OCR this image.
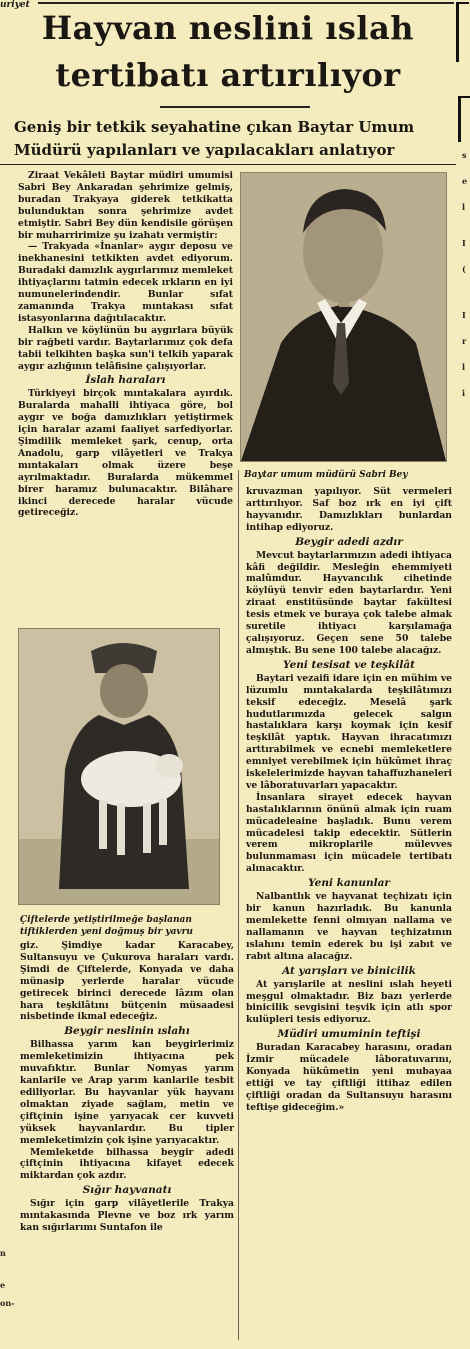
uriyet
Hayvan neslini ıslah
tertibatı artırılıyor
Geniş bir tetkik seyahatine çıkan Baytar Umum
Müdürü yapılanları ve yapılacakları anlatıyor

Ziraat Vekâleti Baytar müdiri umumisi Sabri Bey Ankaradan şehrimize gelmiş, buradan Trakyaya giderek tetkikatta bulunduktan sonra şehrimize avdet etmiştir. Sabri Bey dün kendisile görüşen bir muharririmize şu izahatı vermiştir:

— Trakyada «İnanlar» aygır deposu ve inekhanesini tetkikten avdet ediyorum. Buradaki damızlık aygırlarımız memleket ihtiyaçlarını tatmin edecek ırkların en iyi numunelerindendir. Bunlar sıfat zamanında Trakya mıntakası sıfat istasyonlarına dağıtılacaktır.

Halkın ve köylünün bu aygırlara büyük bir rağbeti vardır. Baytarlarımız çok defa tabii telkihten başka sun'i telkih yaparak aygır azlığının telâfisine çalışıyorlar.

İslah haraları

Türkiyeyi birçok mıntakalara ayırdık. Buralarda mahalli ihtiyaca göre, bol aygır ve boğa damızlıkları yetiştirmek için haralar azami faaliyet sarfediyorlar. Şimdilik memleket şark, cenup, orta Anadolu, garp vilâyetleri ve Trakya mıntakaları olmak üzere beşe ayrılmaktadır. Buralarda mükemmel birer haramız bulunacaktır. Bilâhare ikinci derecede haralar vücude getireceğiz.

Çiftelerde yetiştirilmeğe başlanan tiftiklerden yeni doğmuş bir yavru

giz. Şimdiye kadar Karacabey, Sultansuyu ve Çukurova haraları vardı. Şimdi de Çiftelerde, Konyada ve daha münasip yerlerde haralar vücude getirecek birinci derecede lâzım olan hara teşkilâtını bütçenin müsaadesi nisbetinde ikmal edeceğiz.

Beygir neslinin ıslahı

Bilhassa yarım kan beygirlerimiz memleketimizin ihtiyacına pek muvafıktır. Bunlar Nomyas yarım kanlarile ve Arap yarım kanlarile tesbit ediliyorlar. Bu hayvanlar yük hayvanı olmaktan ziyade sağlam, metin ve çiftçinin işine yarıyacak cer kuvveti yüksek hayvanlardır. Bu tipler memleketimizin çok işine yarıyacaktır.

Memleketde bilhassa beygir adedi çiftçinin ihtiyacına kifayet edecek miktardan çok azdır.

Sığır hayvanatı

Sığır için garp vilâyetlerile Trakya mıntakasında Plevne ve boz ırk yarım kan sığırlarımı Suntafon ile

Baytar umum müdürü Sabri Bey

kruvazman yapılıyor. Süt vermeleri arttırılıyor. Saf boz ırk en iyi çift hayvanıdır. Damızlıkları bunlardan intihap ediyoruz.

Beygir adedi azdır

Mevcut baytarlarımızın adedi ihtiyaca kâfi değildir. Mesleğin ehemmiyeti malûmdur. Hayvancılık cihetinde köylüyü tenvir eden baytarlardır. Yeni ziraat enstitüsünde baytar fakültesi tesis etmek ve buraya çok talebe almak suretile ihtiyacı karşılamağa çalışıyoruz. Geçen sene 50 talebe almıştık. Bu sene 100 talebe alacağız.

Yeni tesisat ve teşkilât

Baytari vezaifi idare için en mühim ve lüzumlu mıntakalarda teşkilâtımızı teksif edeceğiz. Meselâ şark hudutlarımızda gelecek salgın hastalıklara karşı koymak için kesif teşkilât yaptık. Hayvan ihracatımızı arttırabilmek ve ecnebi memleketlere emniyet verebilmek için hükûmet ihraç iskelelerimizde hayvan tahaffuzhaneleri ve lâboratuvarları yapacaktır.

İnsanlara sirayet edecek hayvan hastalıklarının önünü almak için ruam mücadeleaine başladık. Bunu verem mücadelesi takip edecektir. Sütlerin verem mikroplarile mülevves bulunmaması için mücadele tertibatı alınacaktır.

Yeni kanunlar

Nalbantlık ve hayvanat teçhizatı için bir kanun hazırladık. Bu kanunla memlekette fenni olmıyan nallama ve nallamanın ve hayvan teçhizatının ıslahını temin ederek bu işi zabıt ve rabıt altına alacağız.

At yarışları ve binicilik

At yarışlarile at neslini ıslah heyeti meşgul olmaktadır. Biz bazı yerlerde binicilik sevgisini teşvik için atlı spor kulüpleri tesis ediyoruz.

Müdiri umuminin teftişi

Buradan Karacabey harasını, oradan İzmir mücadele lâboratuvarını, Konyada hükûmetin yeni mubayaa ettiği ve tay çiftliği ittihaz edilen çiftliği oradan da Sultansuyu harasını teftişe gideceğim.»

s
e
l
I
(
I
r
l
i
n
e
on-
